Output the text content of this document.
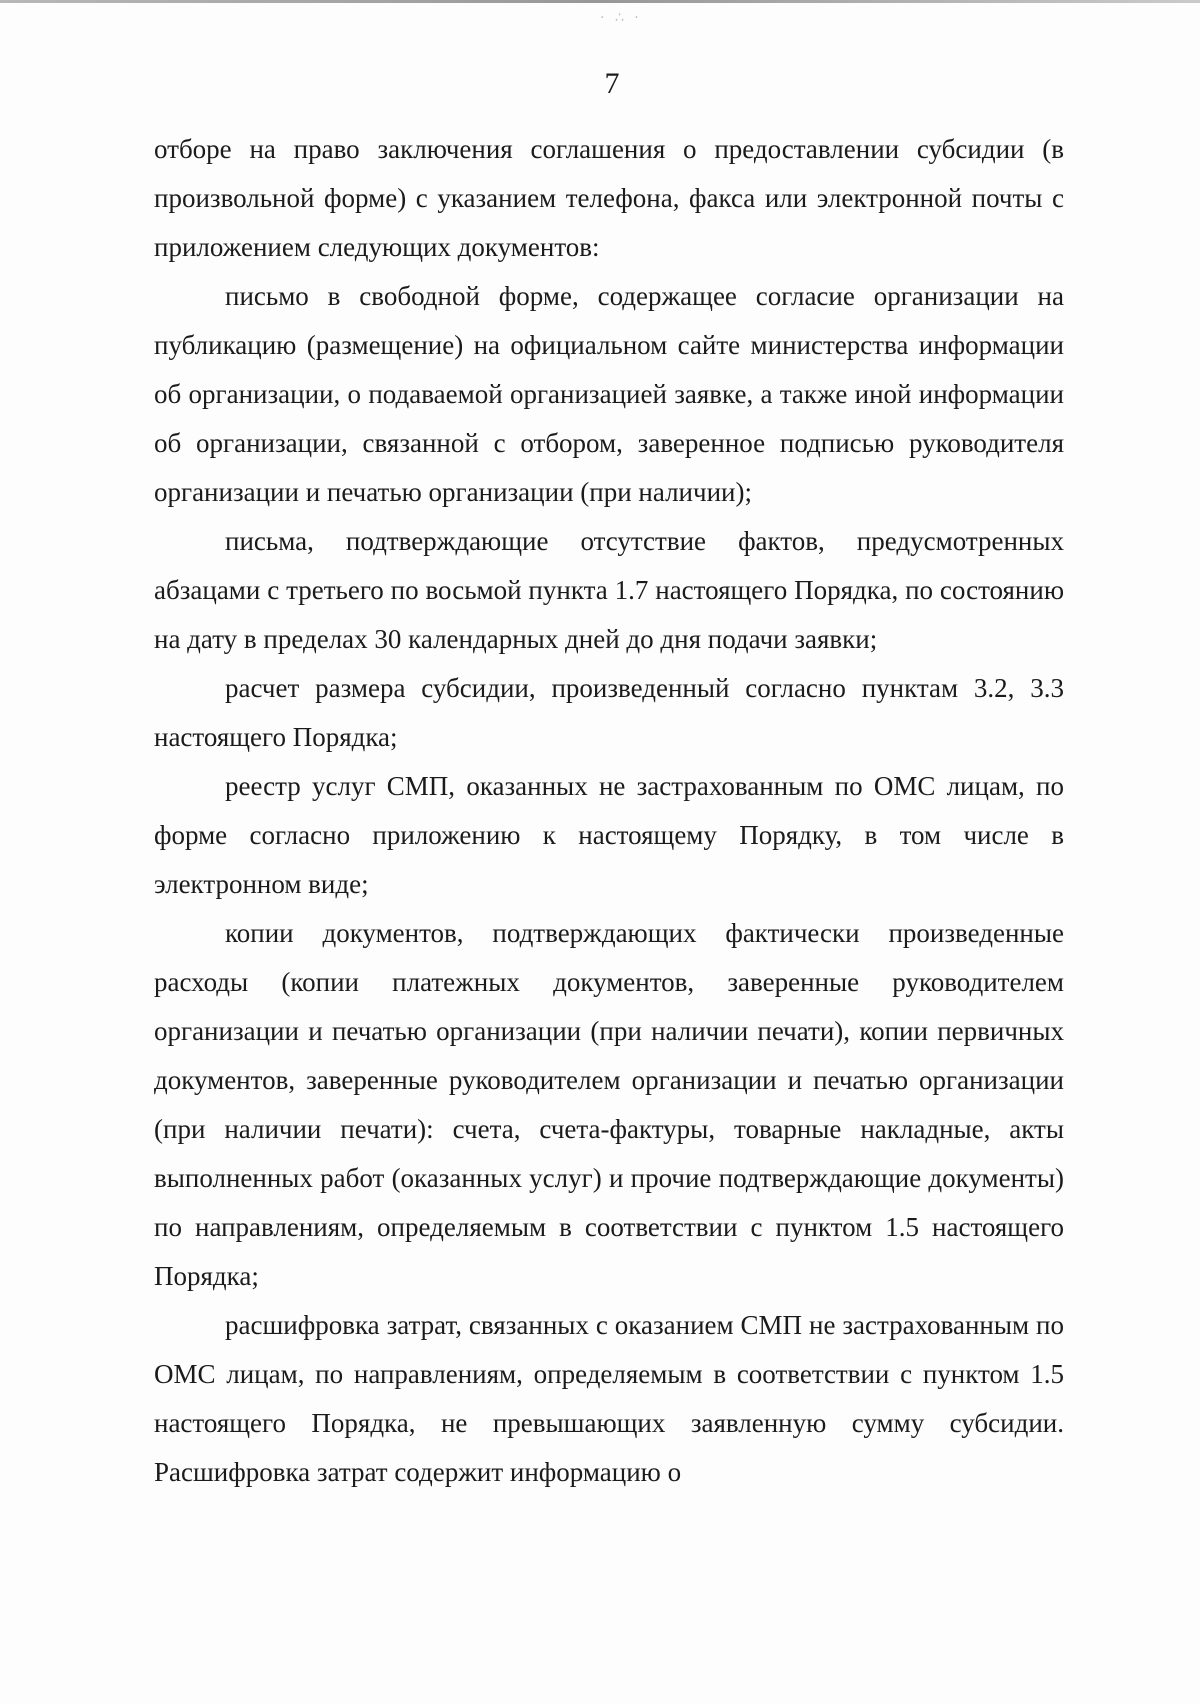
· ∴ ·
7

отборе на право заключения соглашения о предоставлении субсидии (в произвольной форме) с указанием телефона, факса или электронной почты с приложением следующих документов:

письмо в свободной форме, содержащее согласие организации на публикацию (размещение) на официальном сайте министерства информации об организации, о подаваемой организацией заявке, а также иной информации об организации, связанной с отбором, заверенное подписью руководителя организации и печатью организации (при наличии);

письма, подтверждающие отсутствие фактов, предусмотренных абзацами с третьего по восьмой пункта 1.7 настоящего Порядка, по состоянию на дату в пределах 30 календарных дней до дня подачи заявки;

расчет размера субсидии, произведенный согласно пунктам 3.2, 3.3 настоящего Порядка;

реестр услуг СМП, оказанных не застрахованным по ОМС лицам, по форме согласно приложению к настоящему Порядку, в том числе в электронном виде;

копии документов, подтверждающих фактически произведенные расходы (копии платежных документов, заверенные руководителем организации и печатью организации (при наличии печати), копии первичных документов, заверенные руководителем организации и печатью организации (при наличии печати): счета, счета-фактуры, товарные накладные, акты выполненных работ (оказанных услуг) и прочие подтверждающие документы) по направлениям, определяемым в соответствии с пунктом 1.5 настоящего Порядка;

расшифровка затрат, связанных с оказанием СМП не застрахованным по ОМС лицам, по направлениям, определяемым в соответствии с пунктом 1.5 настоящего Порядка, не превышающих заявленную сумму субсидии. Расшифровка затрат содержит информацию о
